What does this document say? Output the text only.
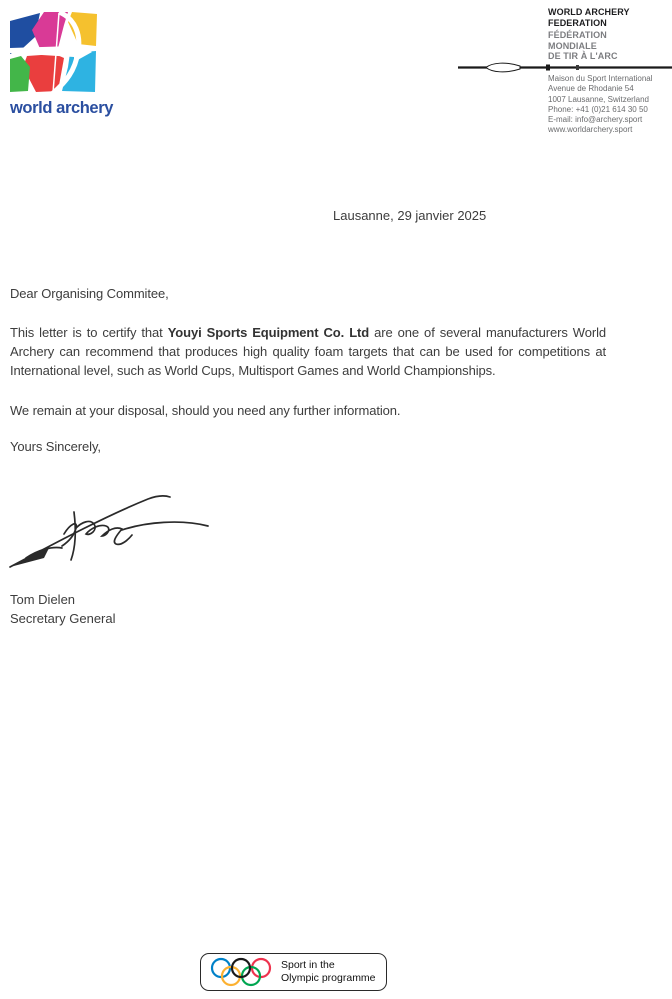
world archery
WORLD ARCHERY
FEDERATION
FÉDÉRATION
MONDIALE
DE TIR À L'ARC
Maison du Sport International
Avenue de Rhodanie 54
1007 Lausanne, Switzerland
Phone: +41 (0)21 614 30 50
E-mail: info@archery.sport
www.worldarchery.sport
Lausanne, 29 janvier 2025

Dear Organising Commitee,

This letter is to certify that Youyi Sports Equipment Co. Ltd are one of several manufacturers World Archery can recommend that produces high quality foam targets that can be used for competitions at International level, such as World Cups, Multisport Games and World Championships.

We remain at your disposal, should you need any further information.

Yours Sincerely,

Tom Dielen
Secretary General
Sport in the
Olympic programme
